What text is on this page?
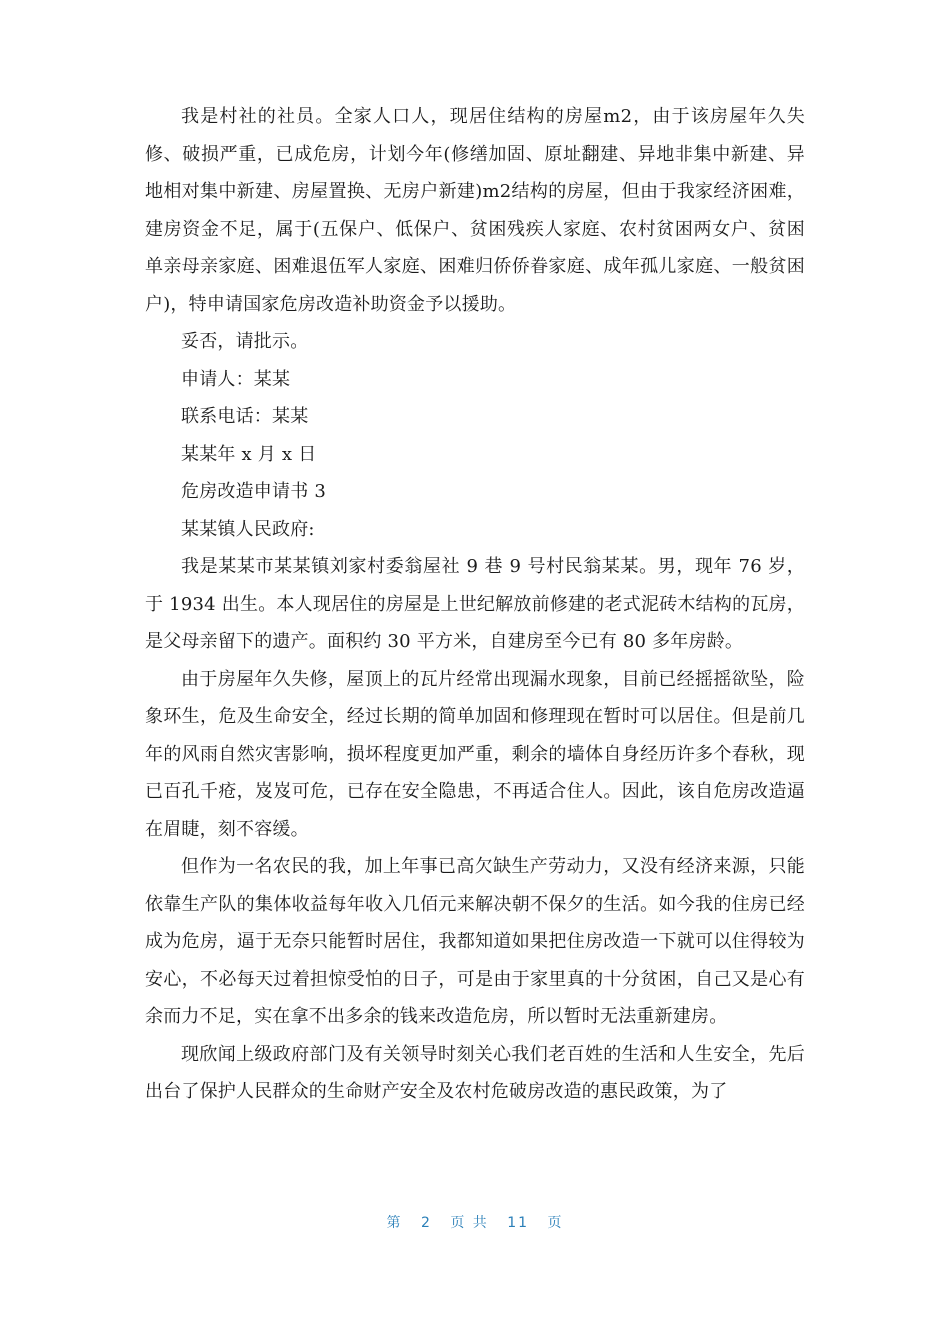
我是村社的社员。全家人口人，现居住结构的房屋m2，由于该房屋年久失修、破损严重，已成危房，计划今年(修缮加固、原址翻建、异地非集中新建、异地相对集中新建、房屋置换、无房户新建)m2结构的房屋，但由于我家经济困难，建房资金不足，属于(五保户、低保户、贫困残疾人家庭、农村贫困两女户、贫困单亲母亲家庭、困难退伍军人家庭、困难归侨侨眷家庭、成年孤儿家庭、一般贫困户)，特申请国家危房改造补助资金予以援助。

妥否，请批示。

申请人：某某

联系电话：某某

某某年 x 月 x 日

危房改造申请书 3

某某镇人民政府:

我是某某市某某镇刘家村委翁屋社 9 巷 9 号村民翁某某。男，现年 76 岁，于 1934 出生。本人现居住的房屋是上世纪解放前修建的老式泥砖木结构的瓦房，是父母亲留下的遗产。面积约 30 平方米，自建房至今已有 80 多年房龄。

由于房屋年久失修，屋顶上的瓦片经常出现漏水现象，目前已经摇摇欲坠，险象环生，危及生命安全，经过长期的简单加固和修理现在暂时可以居住。但是前几年的风雨自然灾害影响，损坏程度更加严重，剩余的墙体自身经历许多个春秋，现已百孔千疮，岌岌可危，已存在安全隐患，不再适合住人。因此，该自危房改造逼在眉睫，刻不容缓。

但作为一名农民的我，加上年事已高欠缺生产劳动力，又没有经济来源，只能依靠生产队的集体收益每年收入几佰元来解决朝不保夕的生活。如今我的住房已经成为危房，逼于无奈只能暂时居住，我都知道如果把住房改造一下就可以住得较为安心，不必每天过着担惊受怕的日子，可是由于家里真的十分贫困，自己又是心有余而力不足，实在拿不出多余的钱来改造危房，所以暂时无法重新建房。

现欣闻上级政府部门及有关领导时刻关心我们老百姓的生活和人生安全，先后出台了保护人民群众的生命财产安全及农村危破房改造的惠民政策，为了

第 2 页 共 11 页
